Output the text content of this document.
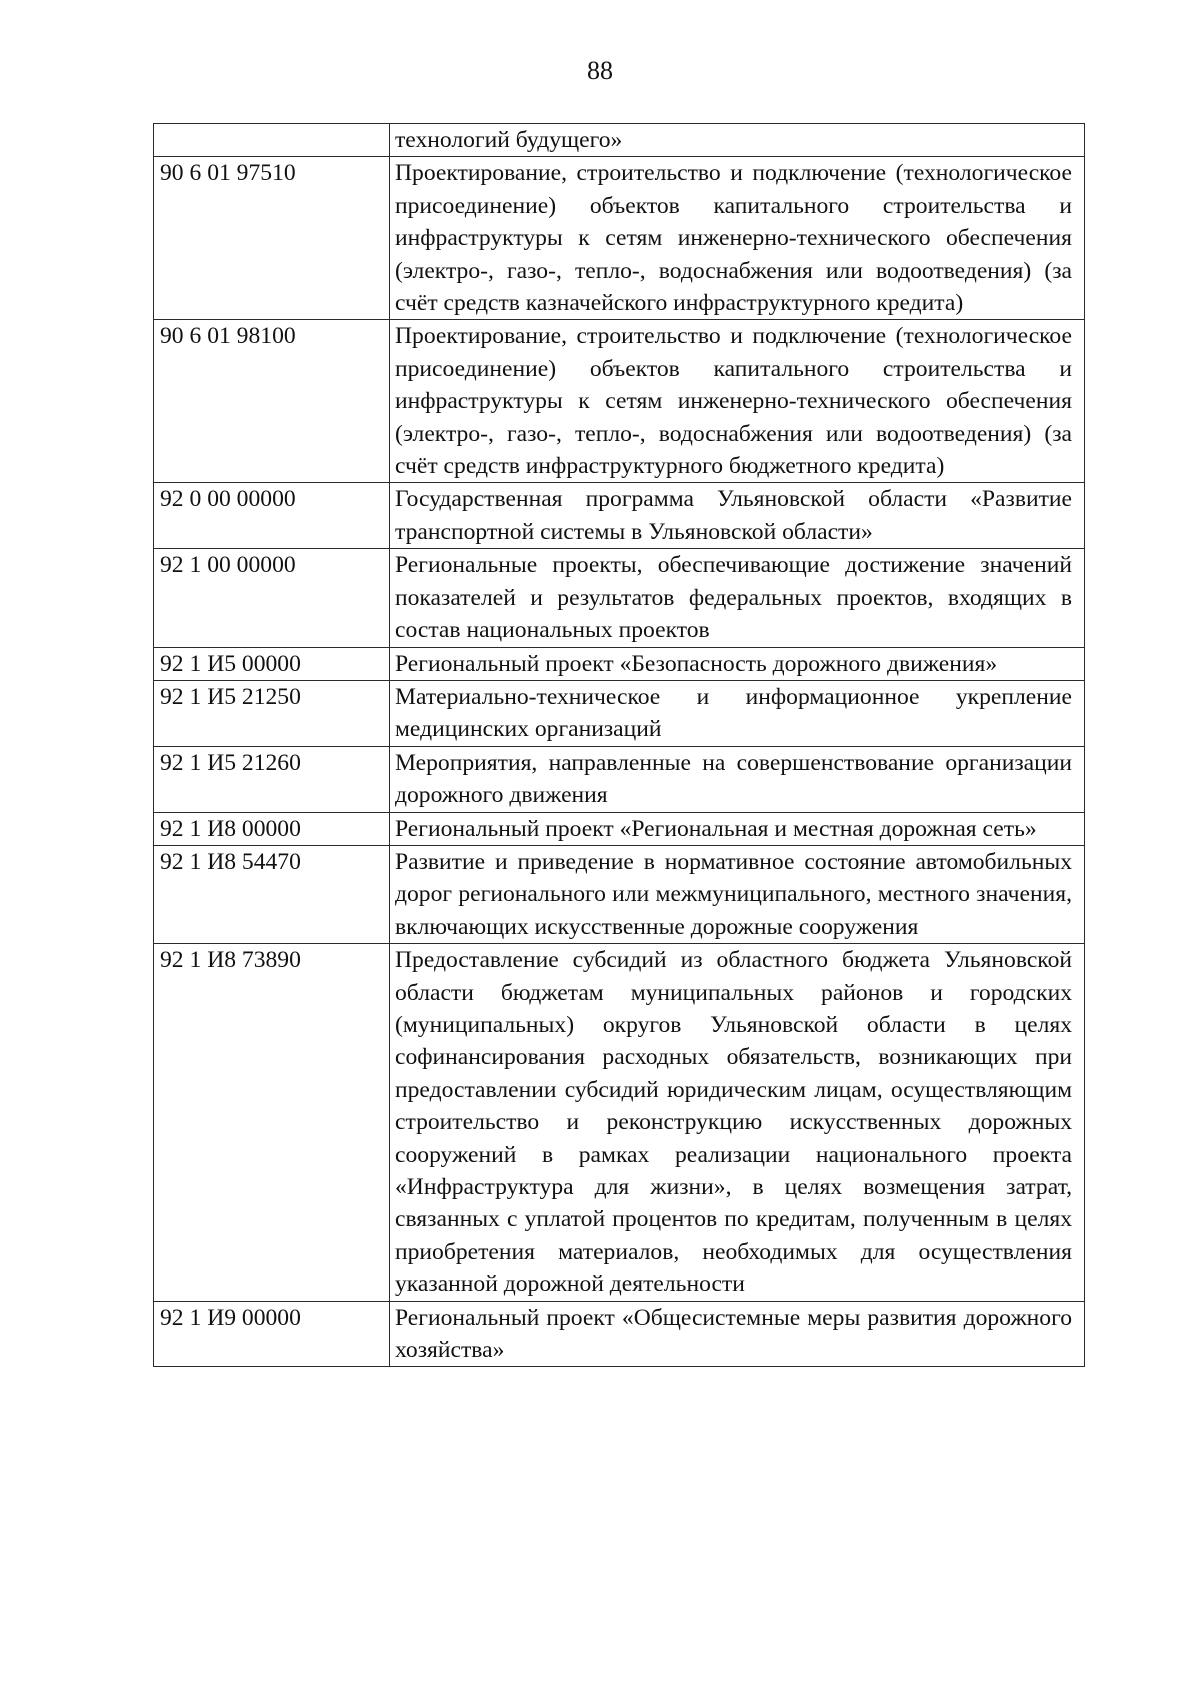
88
	технологий будущего»
90 6 01 97510	Проектирование, строительство и подключение (технологическое присоединение) объектов капитального строительства и инфраструктуры к сетям инженерно-технического обеспечения (электро-, газо-, тепло-, водоснабжения или водоотведения) (за счёт средств казначейского инфраструктурного кредита)
90 6 01 98100	Проектирование, строительство и подключение (технологическое присоединение) объектов капитального строительства и инфраструктуры к сетям инженерно-технического обеспечения (электро-, газо-, тепло-, водоснабжения или водоотведения) (за счёт средств инфраструктурного бюджетного кредита)
92 0 00 00000	Государственная программа Ульяновской области «Развитие транспортной системы в Ульяновской области»
92 1 00 00000	Региональные проекты, обеспечивающие достижение значений показателей и результатов федеральных проектов, входящих в состав национальных проектов
92 1 И5 00000	Региональный проект «Безопасность дорожного движения»
92 1 И5 21250	Материально-техническое и информационное укрепление медицинских организаций
92 1 И5 21260	Мероприятия, направленные на совершенствование организации дорожного движения
92 1 И8 00000	Региональный проект «Региональная и местная дорожная сеть»
92 1 И8 54470	Развитие и приведение в нормативное состояние автомобильных дорог регионального или межмуниципального, местного значения, включающих искусственные дорожные сооружения
92 1 И8 73890	Предоставление субсидий из областного бюджета Ульяновской области бюджетам муниципальных районов и городских (муниципальных) округов Ульяновской области в целях софинансирования расходных обязательств, возникающих при предоставлении субсидий юридическим лицам, осуществляющим строительство и реконструкцию искусственных дорожных сооружений в рамках реализации национального проекта «Инфраструктура для жизни», в целях возмещения затрат, связанных с уплатой процентов по кредитам, полученным в целях приобретения материалов, необходимых для осуществления указанной дорожной деятельности
92 1 И9 00000	Региональный проект «Общесистемные меры развития дорожного хозяйства»
